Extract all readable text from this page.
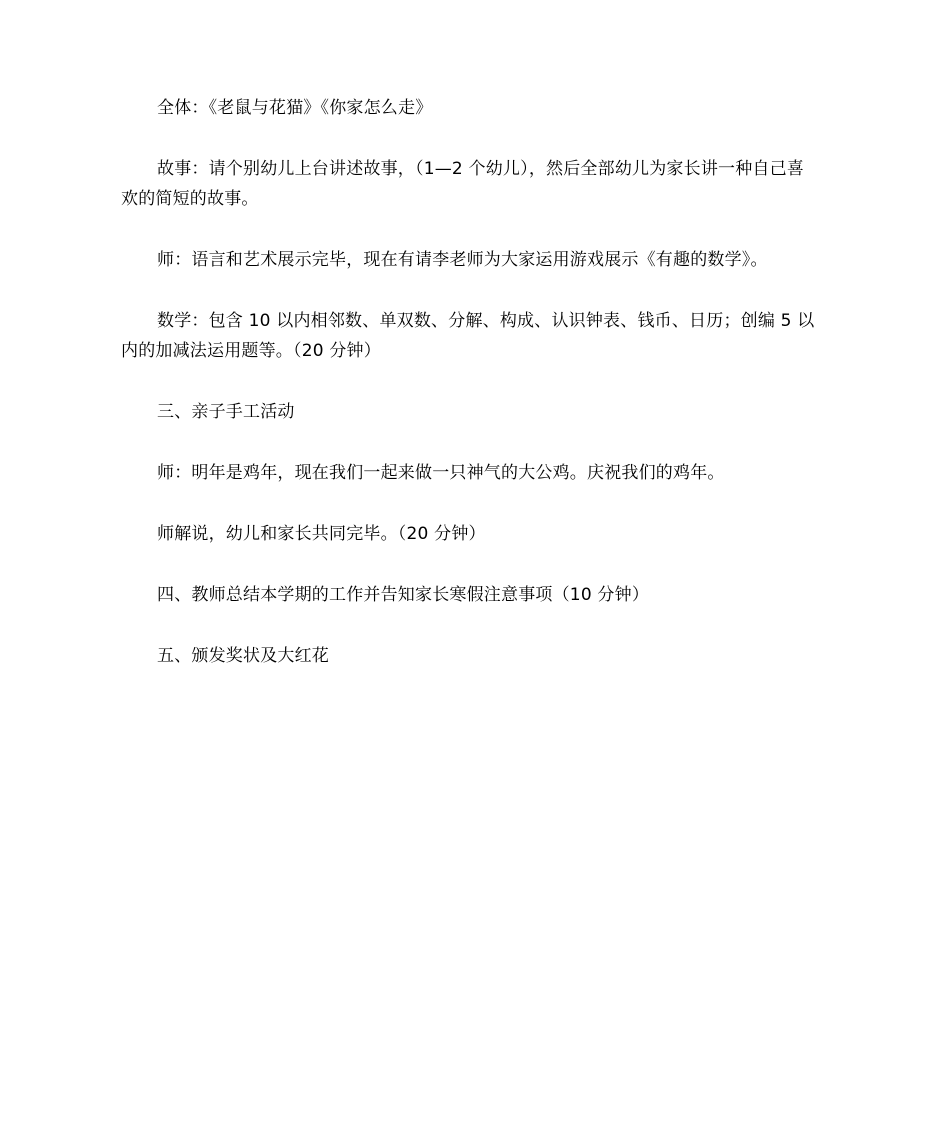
全体：《老鼠与花猫》《你家怎么走》

故事：请个别幼儿上台讲述故事，（1—2 个幼儿），然后全部幼儿为家长讲一种自己喜欢的简短的故事。

师：语言和艺术展示完毕，现在有请李老师为大家运用游戏展示《有趣的数学》。

数学：包含 10 以内相邻数、单双数、分解、构成、认识钟表、钱币、日历；创编 5 以内的加减法运用题等。（20 分钟）

三、亲子手工活动

师：明年是鸡年，现在我们一起来做一只神气的大公鸡。庆祝我们的鸡年。

师解说，幼儿和家长共同完毕。（20 分钟）

四、教师总结本学期的工作并告知家长寒假注意事项（10 分钟）

五、颁发奖状及大红花
